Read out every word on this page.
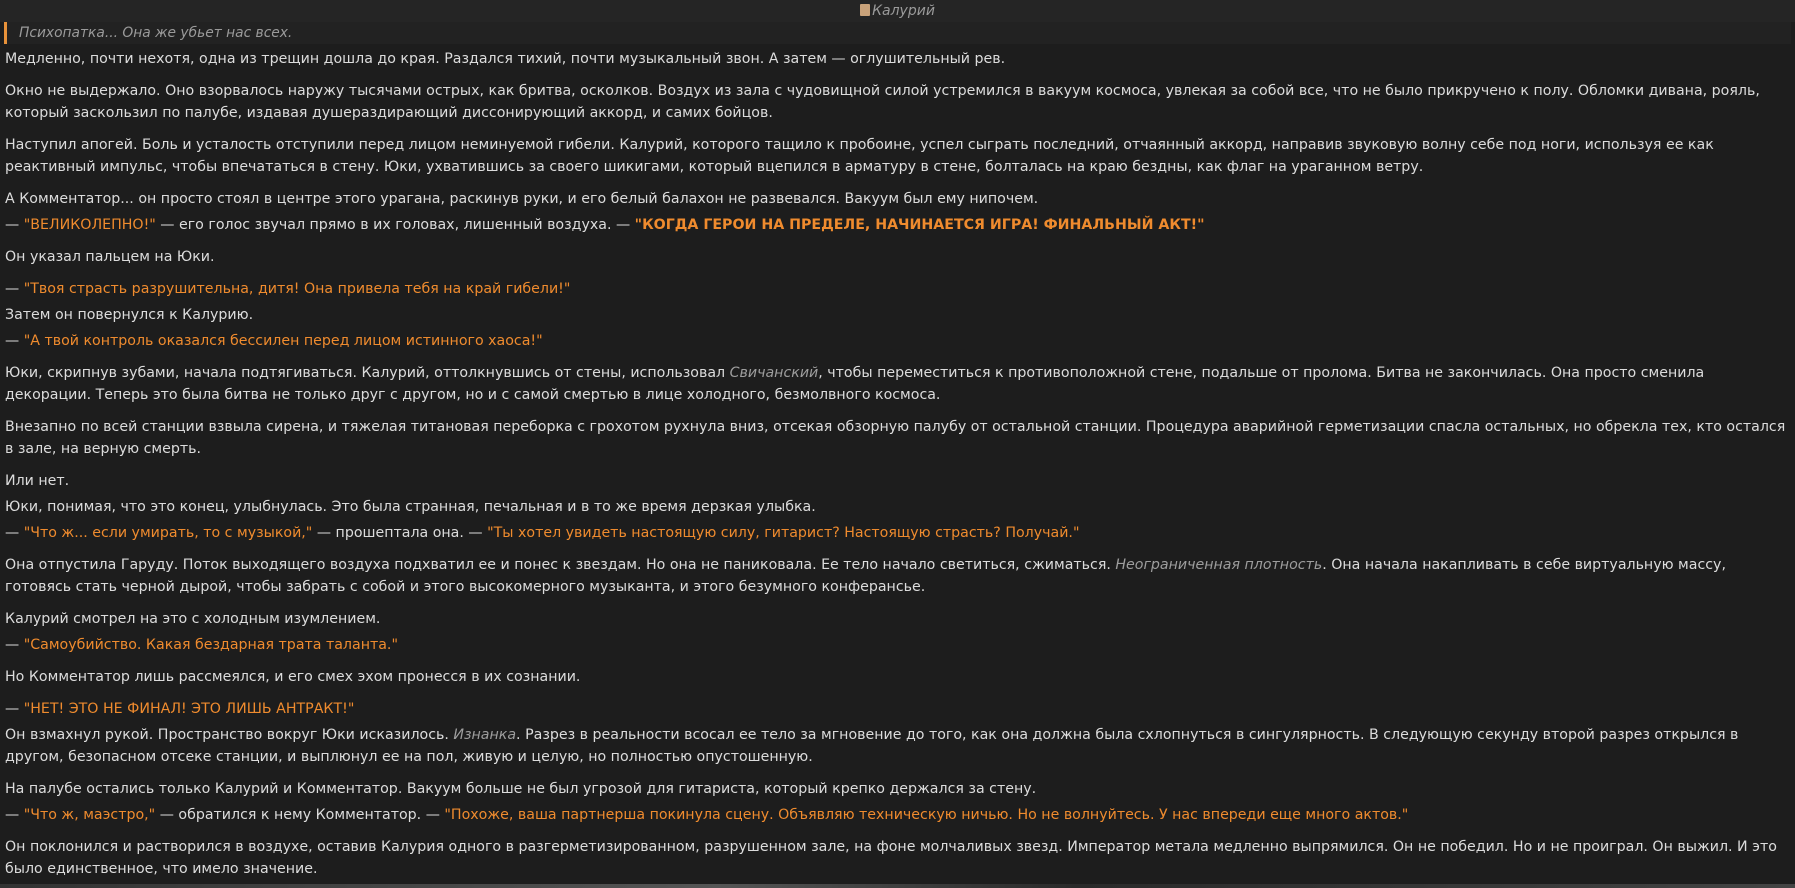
Калурий
Психопатка... Она же убьет нас всех.

Медленно, почти нехотя, одна из трещин дошла до края. Раздался тихий, почти музыкальный звон. А затем — оглушительный рев.

Окно не выдержало. Оно взорвалось наружу тысячами острых, как бритва, осколков. Воздух из зала с чудовищной силой устремился в вакуум космоса, увлекая за собой все, что не было прикручено к полу. Обломки дивана, рояль, который заскользил по палубе, издавая душераздирающий диссонирующий аккорд, и самих бойцов.

Наступил апогей. Боль и усталость отступили перед лицом неминуемой гибели. Калурий, которого тащило к пробоине, успел сыграть последний, отчаянный аккорд, направив звуковую волну себе под ноги, используя ее как реактивный импульс, чтобы впечататься в стену. Юки, ухватившись за своего шикигами, который вцепился в арматуру в стене, болталась на краю бездны, как флаг на ураганном ветру.

А Комментатор... он просто стоял в центре этого урагана, раскинув руки, и его белый балахон не развевался. Вакуум был ему нипочем.

— "ВЕЛИКОЛЕПНО!" — его голос звучал прямо в их головах, лишенный воздуха. — "КОГДА ГЕРОИ НА ПРЕДЕЛЕ, НАЧИНАЕТСЯ ИГРА! ФИНАЛЬНЫЙ АКТ!"

Он указал пальцем на Юки.

— "Твоя страсть разрушительна, дитя! Она привела тебя на край гибели!"

Затем он повернулся к Калурию.

— "А твой контроль оказался бессилен перед лицом истинного хаоса!"

Юки, скрипнув зубами, начала подтягиваться. Калурий, оттолкнувшись от стены, использовал Свичанский, чтобы переместиться к противоположной стене, подальше от пролома. Битва не закончилась. Она просто сменила декорации. Теперь это была битва не только друг с другом, но и с самой смертью в лице холодного, безмолвного космоса.

Внезапно по всей станции взвыла сирена, и тяжелая титановая переборка с грохотом рухнула вниз, отсекая обзорную палубу от остальной станции. Процедура аварийной герметизации спасла остальных, но обрекла тех, кто остался в зале, на верную смерть.

Или нет.

Юки, понимая, что это конец, улыбнулась. Это была странная, печальная и в то же время дерзкая улыбка.

— "Что ж... если умирать, то с музыкой," — прошептала она. — "Ты хотел увидеть настоящую силу, гитарист? Настоящую страсть? Получай."

Она отпустила Гаруду. Поток выходящего воздуха подхватил ее и понес к звездам. Но она не паниковала. Ее тело начало светиться, сжиматься. Неограниченная плотность. Она начала накапливать в себе виртуальную массу, готовясь стать черной дырой, чтобы забрать с собой и этого высокомерного музыканта, и этого безумного конферансье.

Калурий смотрел на это с холодным изумлением.

— "Самоубийство. Какая бездарная трата таланта."

Но Комментатор лишь рассмеялся, и его смех эхом пронесся в их сознании.

— "НЕТ! ЭТО НЕ ФИНАЛ! ЭТО ЛИШЬ АНТРАКТ!"

Он взмахнул рукой. Пространство вокруг Юки исказилось. Изнанка. Разрез в реальности всосал ее тело за мгновение до того, как она должна была схлопнуться в сингулярность. В следующую секунду второй разрез открылся в другом, безопасном отсеке станции, и выплюнул ее на пол, живую и целую, но полностью опустошенную.

На палубе остались только Калурий и Комментатор. Вакуум больше не был угрозой для гитариста, который крепко держался за стену.

— "Что ж, маэстро," — обратился к нему Комментатор. — "Похоже, ваша партнерша покинула сцену. Объявляю техническую ничью. Но не волнуйтесь. У нас впереди еще много актов."

Он поклонился и растворился в воздухе, оставив Калурия одного в разгерметизированном, разрушенном зале, на фоне молчаливых звезд. Император метала медленно выпрямился. Он не победил. Но и не проиграл. Он выжил. И это было единственное, что имело значение.
